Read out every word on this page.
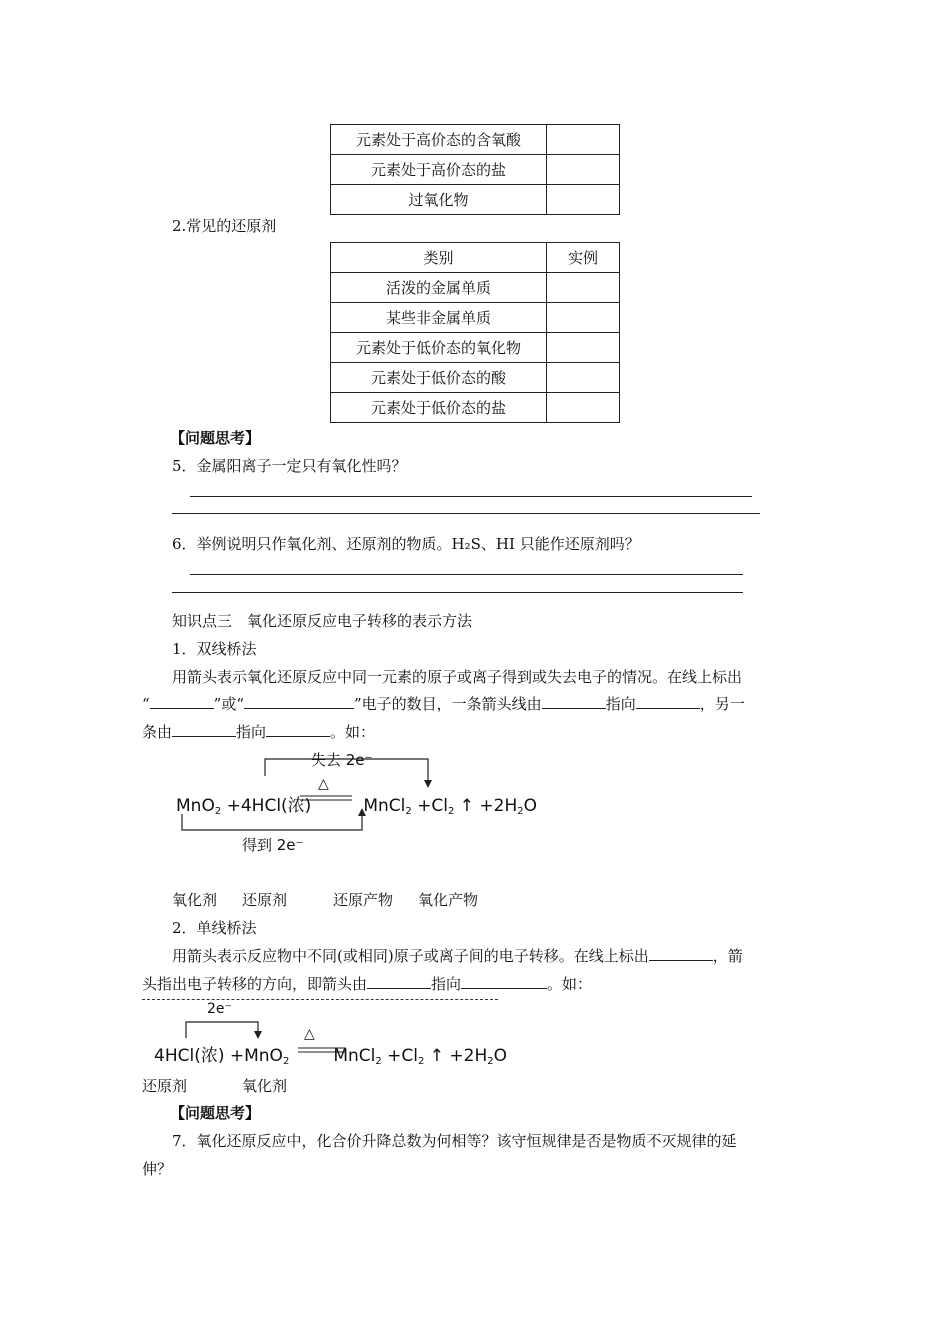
元素处于高价态的含氧酸	
元素处于高价态的盐	
过氧化物	
2.常见的还原剂
类别	实例
活泼的金属单质	
某些非金属单质	
元素处于低价态的氧化物	
元素处于低价态的酸	
元素处于低价态的盐	
【问题思考】
5．金属阳离子一定只有氧化性吗？
6．举例说明只作氧化剂、还原剂的物质。H₂S、HI 只能作还原剂吗？
知识点三　氧化还原反应电子转移的表示方法
1．双线桥法
用箭头表示氧化还原反应中同一元素的原子或离子得到或失去电子的情况。在线上标出
“	”或“	”电子的数目，一条箭头线由	指向	，另一
条由	指向	。如：
失去 2e⁻
△
MnO$_2$ +4HCl(浓)	MnCl$_2$ $+Cl_2$ ↑ $+2H_2O$
得到 2e⁻
氧化剂 还原剂	还原产物 氧化产物
2．单线桥法
用箭头表示反应物中不同(或相同)原子或离子间的电子转移。在线上标出	，箭
头指出电子转移的方向，即箭头由	指向	。如：
2e⁻
△
4HCl(浓) +MnO$_2$	MnCl$_2$ $+Cl_2$ ↑ $+2H_2O$
还原剂	氧化剂
【问题思考】
7．氧化还原反应中，化合价升降总数为何相等？该守恒规律是否是物质不灭规律的延
伸？
